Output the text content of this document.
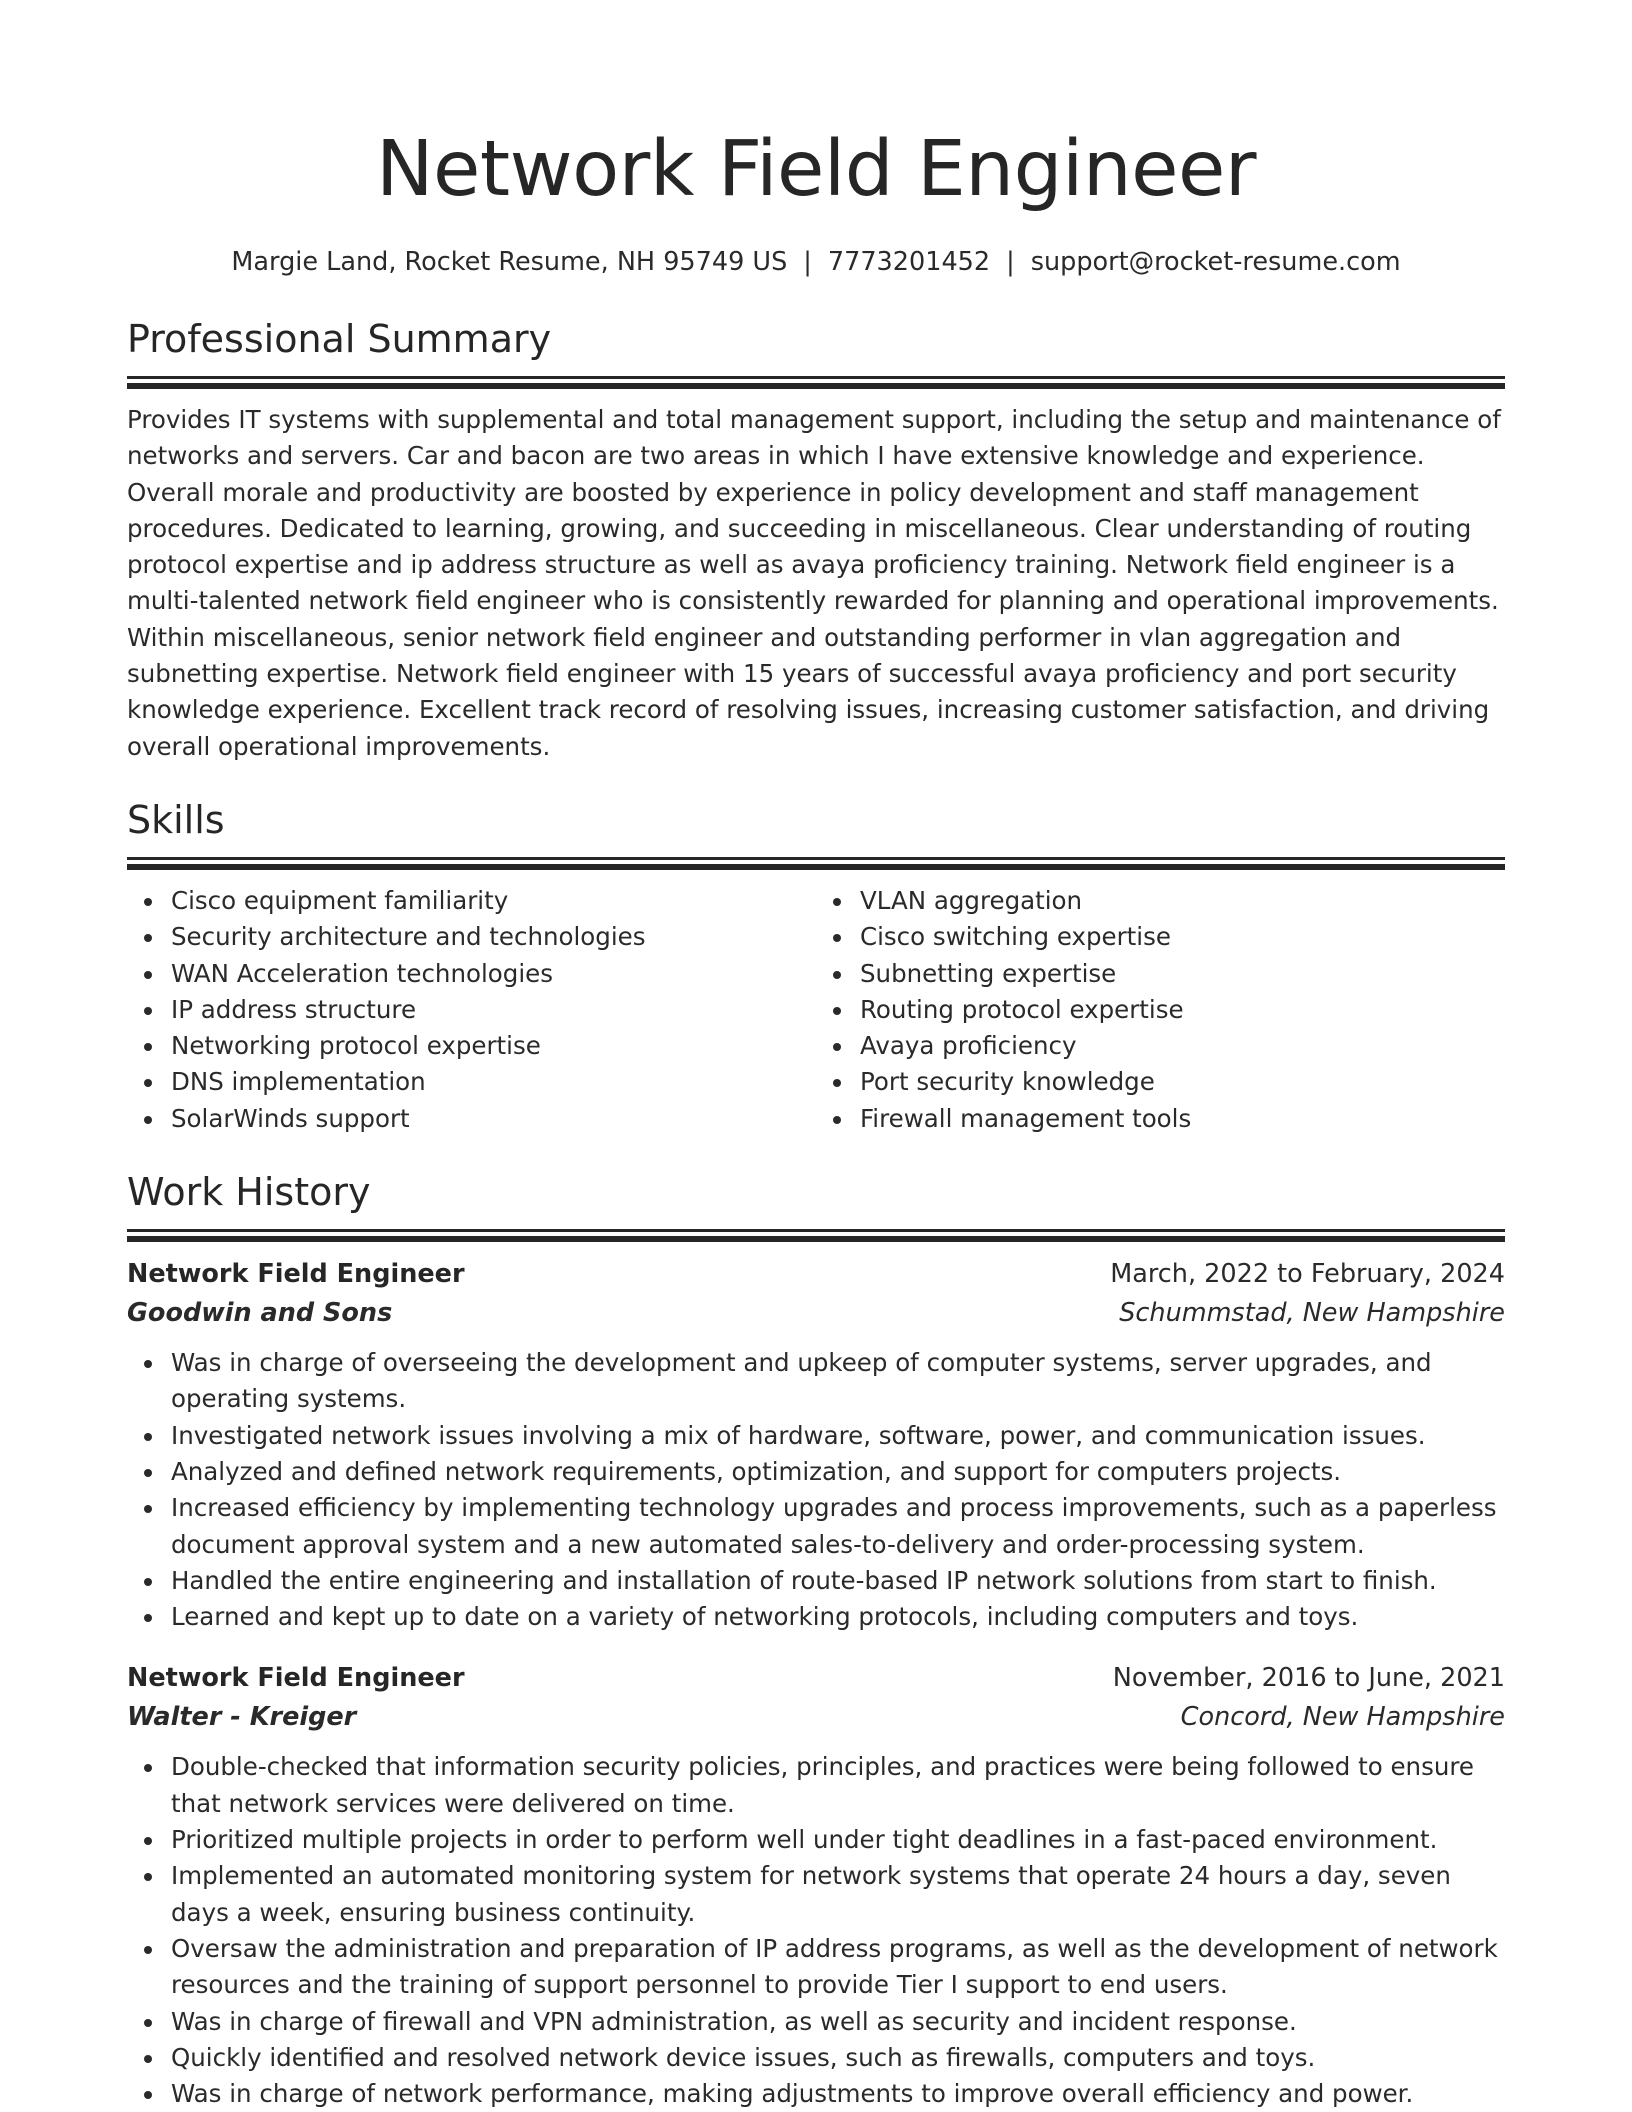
Network Field Engineer
Margie Land, Rocket Resume, NH 95749 US | 7773201452 | support@rocket-resume.com
Professional Summary

Provides IT systems with supplemental and total management support, including the setup and maintenance of networks and servers. Car and bacon are two areas in which I have extensive knowledge and experience. Overall morale and productivity are boosted by experience in policy development and staff management procedures. Dedicated to learning, growing, and succeeding in miscellaneous. Clear understanding of routing protocol expertise and ip address structure as well as avaya proficiency training. Network field engineer is a multi-talented network field engineer who is consistently rewarded for planning and operational improvements. Within miscellaneous, senior network field engineer and outstanding performer in vlan aggregation and subnetting expertise. Network field engineer with 15 years of successful avaya proficiency and port security knowledge experience. Excellent track record of resolving issues, increasing customer satisfaction, and driving overall operational improvements.

Skills
Cisco equipment familiarity
Security architecture and technologies
WAN Acceleration technologies
IP address structure
Networking protocol expertise
DNS implementation
SolarWinds support
VLAN aggregation
Cisco switching expertise
Subnetting expertise
Routing protocol expertise
Avaya proficiency
Port security knowledge
Firewall management tools
Work History
Network Field Engineer	March, 2022 to February, 2024
Goodwin and Sons	Schummstad, New Hampshire
Was in charge of overseeing the development and upkeep of computer systems, server upgrades, and operating systems.
Investigated network issues involving a mix of hardware, software, power, and communication issues.
Analyzed and defined network requirements, optimization, and support for computers projects.
Increased efficiency by implementing technology upgrades and process improvements, such as a paperless document approval system and a new automated sales-to-delivery and order-processing system.
Handled the entire engineering and installation of route-based IP network solutions from start to finish.
Learned and kept up to date on a variety of networking protocols, including computers and toys.
Network Field Engineer	November, 2016 to June, 2021
Walter - Kreiger	Concord, New Hampshire
Double-checked that information security policies, principles, and practices were being followed to ensure that network services were delivered on time.
Prioritized multiple projects in order to perform well under tight deadlines in a fast-paced environment.
Implemented an automated monitoring system for network systems that operate 24 hours a day, seven days a week, ensuring business continuity.
Oversaw the administration and preparation of IP address programs, as well as the development of network resources and the training of support personnel to provide Tier I support to end users.
Was in charge of firewall and VPN administration, as well as security and incident response.
Quickly identified and resolved network device issues, such as firewalls, computers and toys.
Was in charge of network performance, making adjustments to improve overall efficiency and power.
